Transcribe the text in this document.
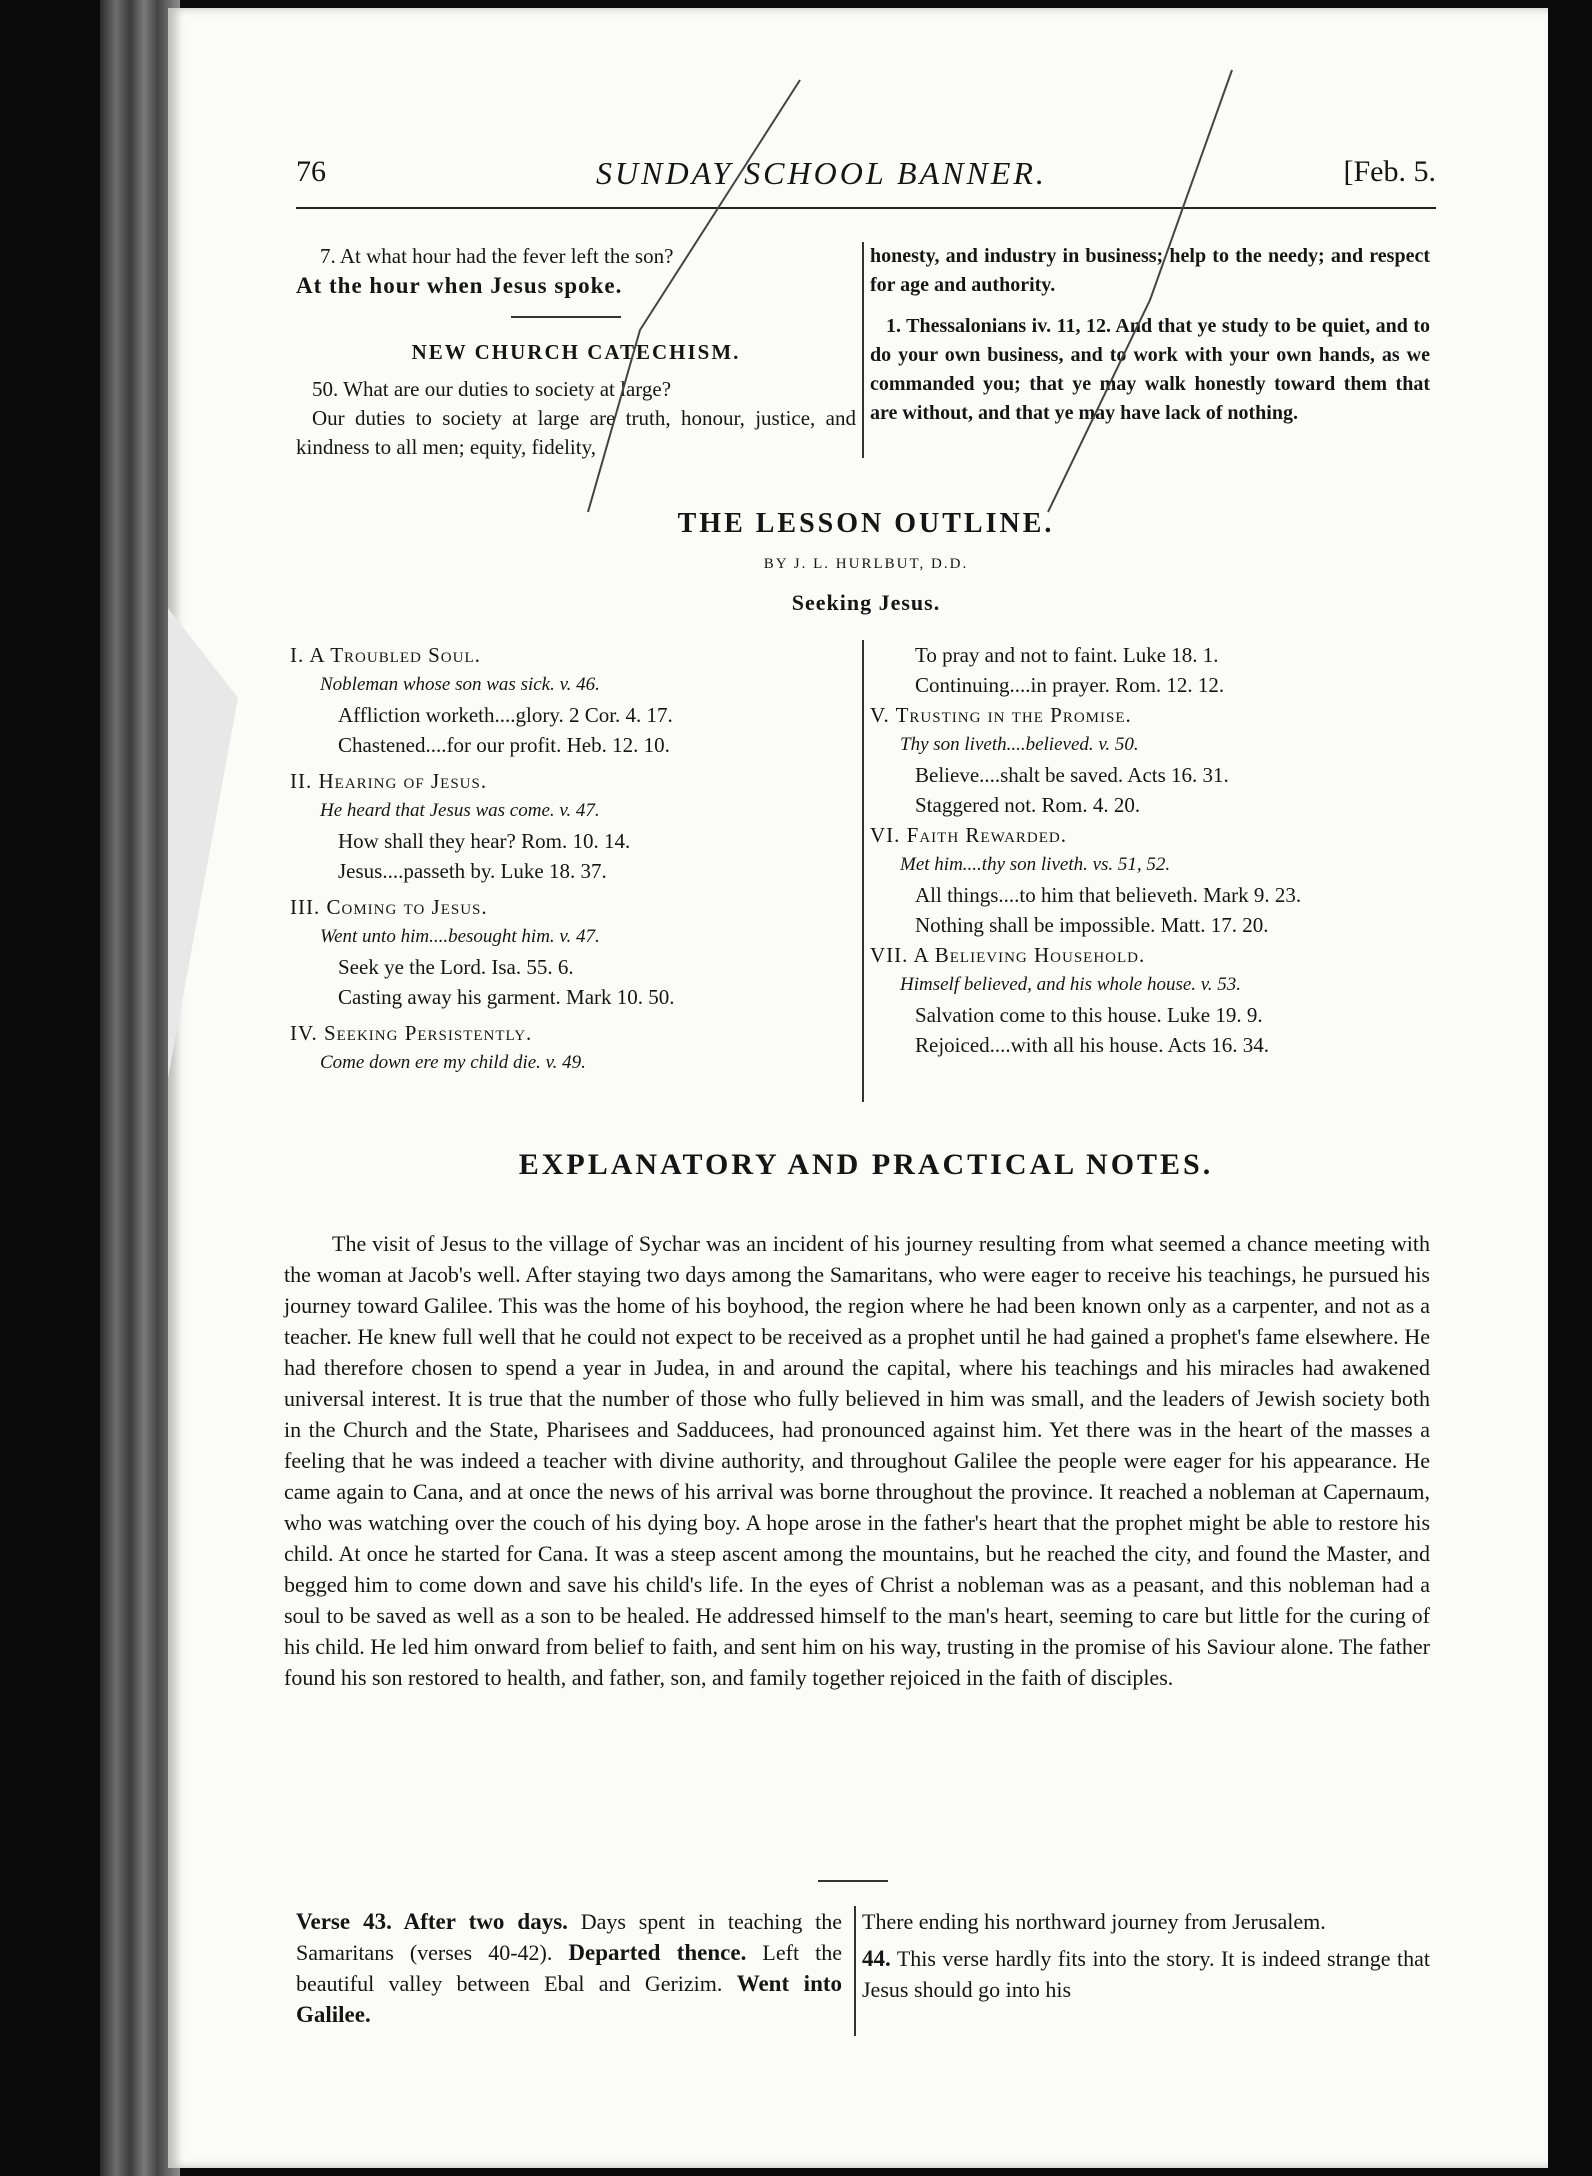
76	SUNDAY SCHOOL BANNER.	[Feb. 5.

7. At what hour had the fever left the son?

At the hour when Jesus spoke.

NEW CHURCH CATECHISM.

50. What are our duties to society at large?

Our duties to society at large are truth, honour, justice, and kindness to all men; equity, fidelity,

honesty, and industry in business; help to the needy; and respect for age and authority.

1. Thessalonians iv. 11, 12. And that ye study to be quiet, and to do your own business, and to work with your own hands, as we commanded you; that ye may walk honestly toward them that are without, and that ye may have lack of nothing.

THE LESSON OUTLINE.
BY J. L. HURLBUT, D.D.
Seeking Jesus.
I. A Troubled Soul.
Nobleman whose son was sick. v. 46.
Affliction worketh....glory. 2 Cor. 4. 17.
Chastened....for our profit. Heb. 12. 10.
II. Hearing of Jesus.
He heard that Jesus was come. v. 47.
How shall they hear? Rom. 10. 14.
Jesus....passeth by. Luke 18. 37.
III. Coming to Jesus.
Went unto him....besought him. v. 47.
Seek ye the Lord. Isa. 55. 6.
Casting away his garment. Mark 10. 50.
IV. Seeking Persistently.
Come down ere my child die. v. 49.
To pray and not to faint. Luke 18. 1.
Continuing....in prayer. Rom. 12. 12.
V. Trusting in the Promise.
Thy son liveth....believed. v. 50.
Believe....shalt be saved. Acts 16. 31.
Staggered not. Rom. 4. 20.
VI. Faith Rewarded.
Met him....thy son liveth. vs. 51, 52.
All things....to him that believeth. Mark 9. 23.
Nothing shall be impossible. Matt. 17. 20.
VII. A Believing Household.
Himself believed, and his whole house. v. 53.
Salvation come to this house. Luke 19. 9.
Rejoiced....with all his house. Acts 16. 34.
EXPLANATORY AND PRACTICAL NOTES.

The visit of Jesus to the village of Sychar was an incident of his journey resulting from what seemed a chance meeting with the woman at Jacob's well. After staying two days among the Samaritans, who were eager to receive his teachings, he pursued his journey toward Galilee. This was the home of his boyhood, the region where he had been known only as a carpenter, and not as a teacher. He knew full well that he could not expect to be received as a prophet until he had gained a prophet's fame elsewhere. He had therefore chosen to spend a year in Judea, in and around the capital, where his teachings and his miracles had awakened universal interest. It is true that the number of those who fully believed in him was small, and the leaders of Jewish society both in the Church and the State, Pharisees and Sadducees, had pronounced against him. Yet there was in the heart of the masses a feeling that he was indeed a teacher with divine authority, and throughout Galilee the people were eager for his appearance. He came again to Cana, and at once the news of his arrival was borne throughout the province. It reached a nobleman at Capernaum, who was watching over the couch of his dying boy. A hope arose in the father's heart that the prophet might be able to restore his child. At once he started for Cana. It was a steep ascent among the mountains, but he reached the city, and found the Master, and begged him to come down and save his child's life. In the eyes of Christ a nobleman was as a peasant, and this nobleman had a soul to be saved as well as a son to be healed. He addressed himself to the man's heart, seeming to care but little for the curing of his child. He led him onward from belief to faith, and sent him on his way, trusting in the promise of his Saviour alone. The father found his son restored to health, and father, son, and family together rejoiced in the faith of disciples.

Verse 43. After two days. Days spent in teaching the Samaritans (verses 40-42). Departed thence. Left the beautiful valley between Ebal and Gerizim. Went into Galilee.

There ending his northward journey from Jerusalem.

44. This verse hardly fits into the story. It is indeed strange that Jesus should go into his
